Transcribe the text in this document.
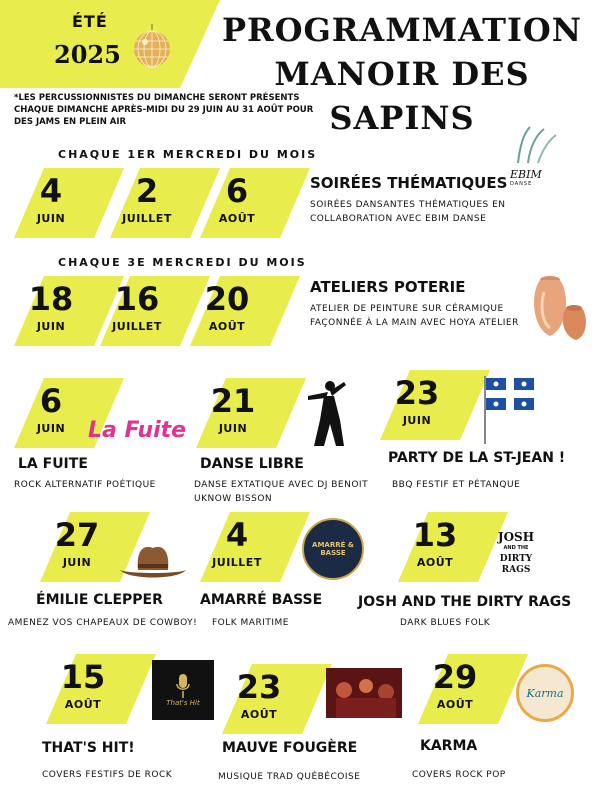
ÉTÉ
2025
PROGRAMMATION
MANOIR DES
SAPINS
*LES PERCUSSIONNISTES DU DIMANCHE SERONT PRÉSENTS CHAQUE DIMANCHE APRÈS-MIDI DU 29 JUIN AU 31 AOÛT POUR DES JAMS EN PLEIN AIR
CHAQUE 1ER MERCREDI DU MOIS
4
JUIN
2
JUILLET
6
AOÛT
SOIRÉES THÉMATIQUES
SOIRÉES DANSANTES THÉMATIQUES EN
COLLABORATION AVEC EBIM DANSE
EBIM
DANSE
CHAQUE 3E MERCREDI DU MOIS
18
JUIN
16
JUILLET
20
AOÛT
ATELIERS POTERIE
ATELIER DE PEINTURE SUR CÉRAMIQUE
FAÇONNÉE À LA MAIN AVEC HOYA ATELIER
6
JUIN	La Fuite
LA FUITE
ROCK ALTERNATIF POÉTIQUE
21
JUIN
DANSE LIBRE
DANSE EXTATIQUE AVEC DJ BENOIT
UKNOW BISSON
23
JUIN
PARTY DE LA ST-JEAN !
BBQ FESTIF ET PÉTANQUE
27
JUIN
ÉMILIE CLEPPER
AMENEZ VOS CHAPEAUX DE COWBOY!
4
JUILLET
AMARRÉ & BASSE
AMARRÉ BASSE
FOLK MARITIME
13
AOÛT
JOSH
AND THE
DIRTY RAGS
JOSH AND THE DIRTY RAGS
DARK BLUES FOLK
15
AOÛT	That's Hit
THAT'S HIT!
COVERS FESTIFS DE ROCK
23
AOÛT
MAUVE FOUGÈRE
MUSIQUE TRAD QUÉBÉCOISE
29
AOÛT
Karma
KARMA
COVERS ROCK POP
